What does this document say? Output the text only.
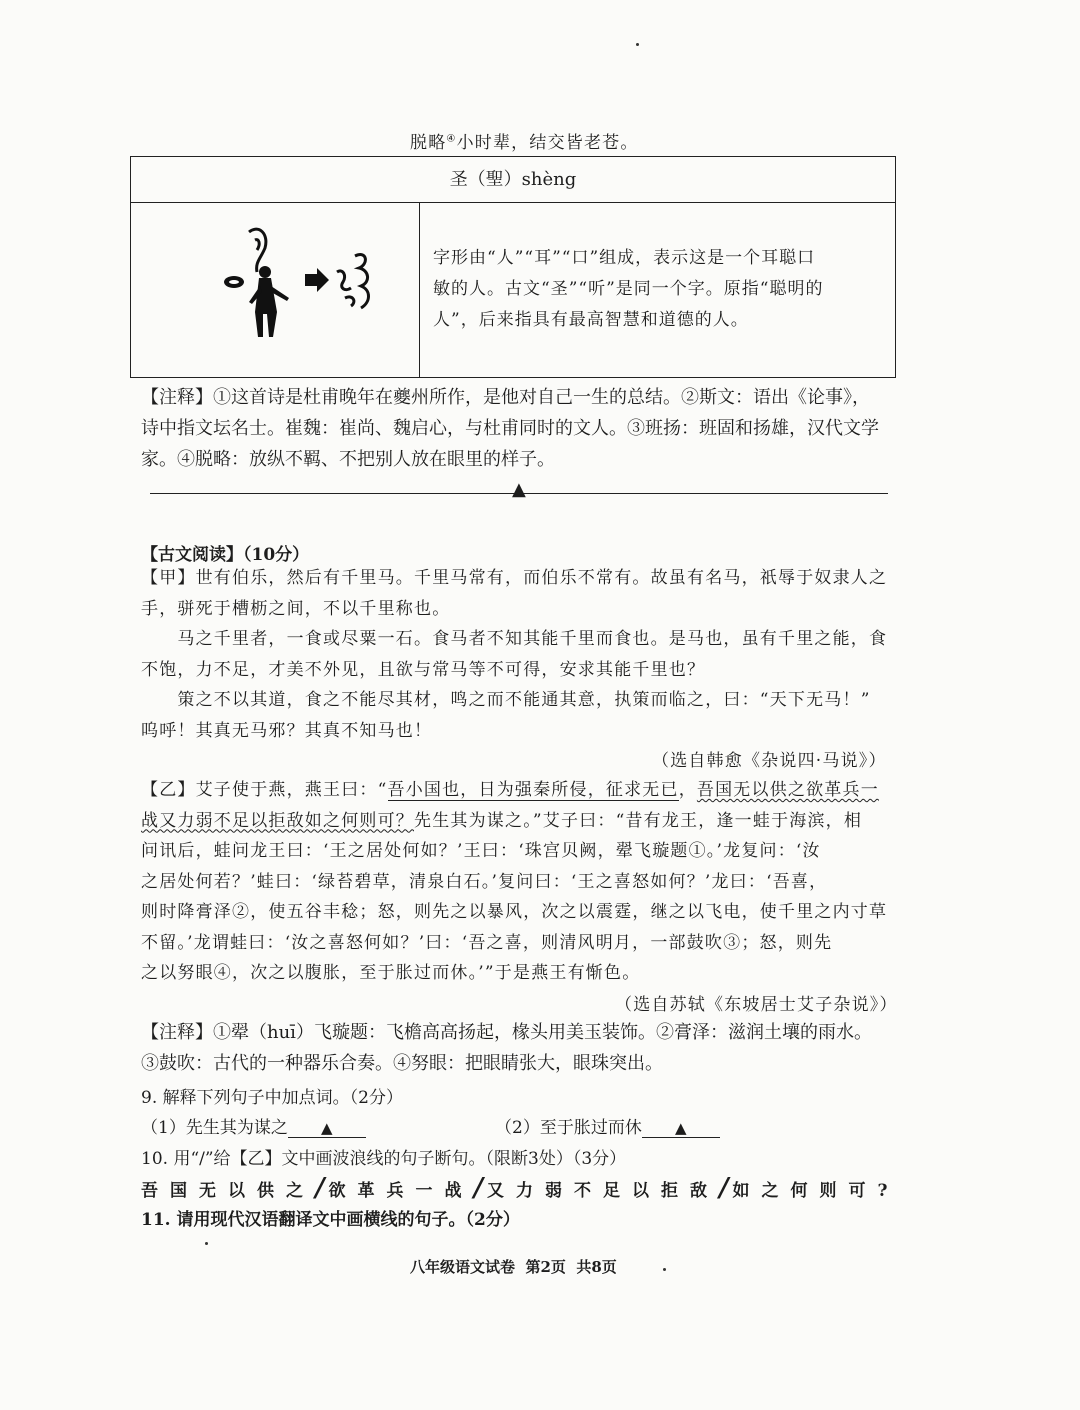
脱略④小时辈，结交皆老苍。
圣（聖）shèng
字形由“人”“耳”“口”组成，表示这是一个耳聪口
敏的人。古文“圣”“听”是同一个字。原指“聪明的
人”，后来指具有最高智慧和道德的人。
【注释】①这首诗是杜甫晚年在夔州所作，是他对自己一生的总结。②斯文：语出《论事》，
诗中指文坛名士。崔魏：崔尚、魏启心，与杜甫同时的文人。③班扬：班固和扬雄，汉代文学
家。④脱略：放纵不羁、不把别人放在眼里的样子。
▲
【古文阅读】（10分）
【甲】世有伯乐，然后有千里马。千里马常有，而伯乐不常有。故虽有名马，祇辱于奴隶人之
手，骈死于槽枥之间，不以千里称也。
　　马之千里者，一食或尽粟一石。食马者不知其能千里而食也。是马也，虽有千里之能，食
不饱，力不足，才美不外见，且欲与常马等不可得，安求其能千里也？
　　策之不以其道，食之不能尽其材，鸣之而不能通其意，执策而临之，曰：“天下无马！”
呜呼！其真无马邪？其真不知马也！
（选自韩愈《杂说四·马说》）
【乙】艾子使于燕，燕王曰：“吾小国也，日为强秦所侵，征求无已，吾国无以供之欲革兵一
战又力弱不足以拒敌如之何则可？先生其为谋之。”艾子曰：“昔有龙王，逢一蛙于海滨，相
问讯后，蛙问龙王曰：‘王之居处何如？’王曰：‘珠宫贝阙，翚飞璇题①。’龙复问：‘汝
之居处何若？’蛙曰：‘绿苔碧草，清泉白石。’复问曰：‘王之喜怒如何？’龙曰：‘吾喜，
则时降膏泽②，使五谷丰稔；怒，则先之以暴风，次之以震霆，继之以飞电，使千里之内寸草
不留。’龙谓蛙曰：‘汝之喜怒何如？’曰：‘吾之喜，则清风明月，一部鼓吹③；怒，则先
之以努眼④，次之以腹胀，至于胀过而休。’”于是燕王有惭色。
（选自苏轼《东坡居士艾子杂说》）
【注释】①翚（huī）飞璇题：飞檐高高扬起，椽头用美玉装饰。②膏泽：滋润土壤的雨水。
③鼓吹：古代的一种器乐合奏。④努眼：把眼睛张大，眼珠突出。
9. 解释下列句子中加点词。（2分）
（1）先生其为谋之 ▲	（2）至于胀过而休 ▲
10. 用“/”给【乙】文中画波浪线的句子断句。（限断3处）（3分）
吾国无以供之/欲革兵一战/又力弱不足以拒敌/如之何则可?
11. 请用现代汉语翻译文中画横线的句子。（2分）
八年级语文试卷  第2页  共8页
